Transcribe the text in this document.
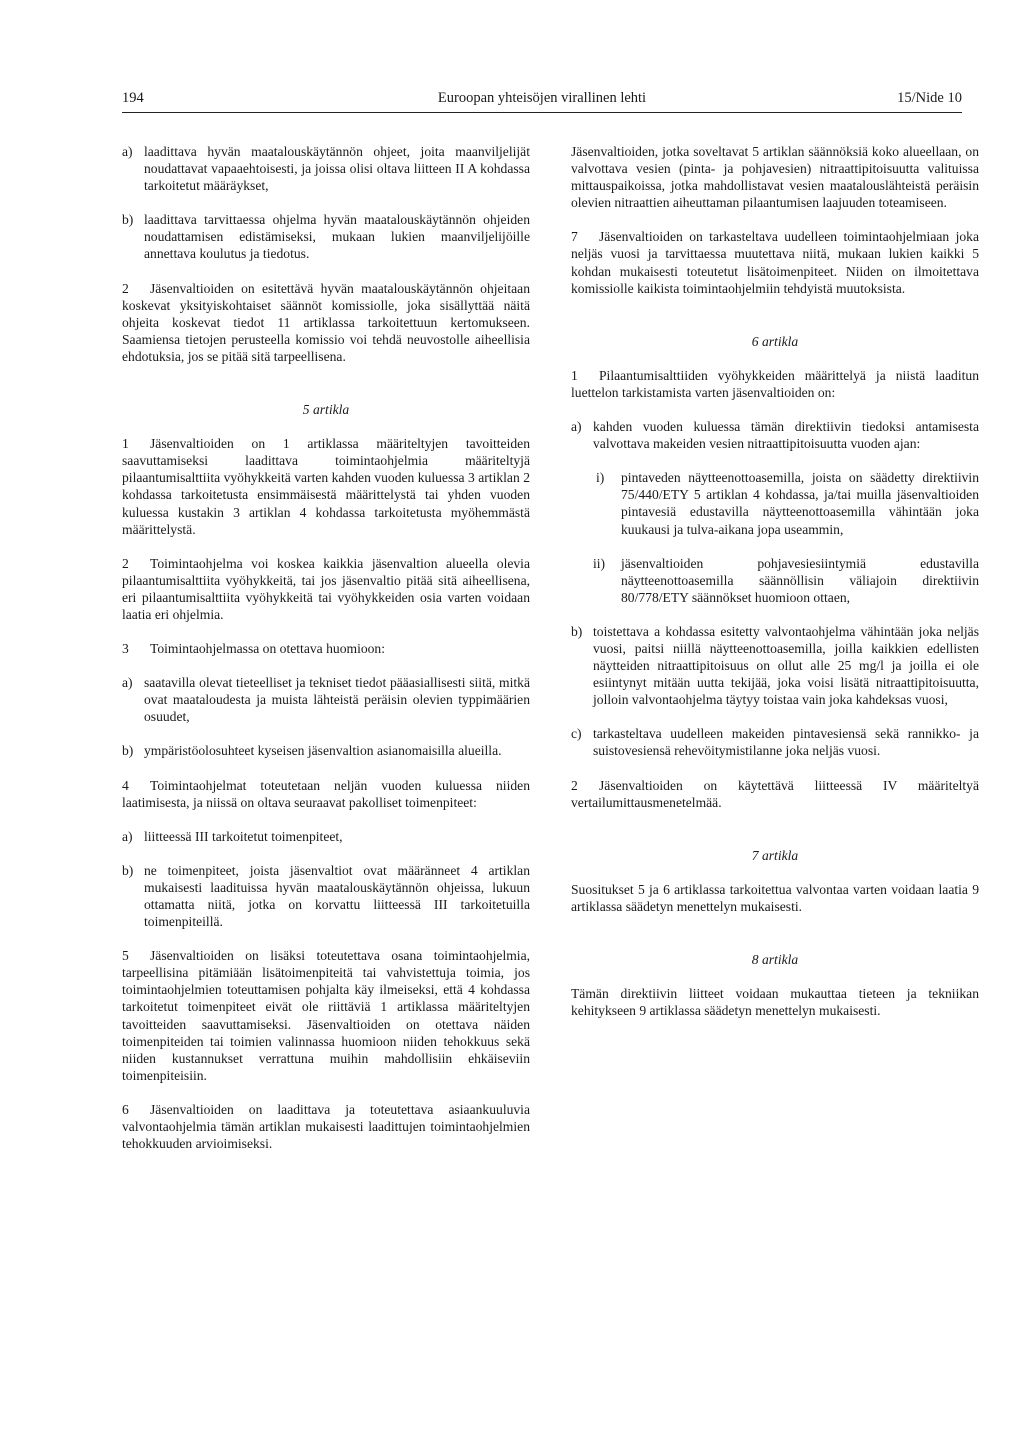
194	Euroopan yhteisöjen virallinen lehti	15/Nide 10
a) laadittava hyvän maatalouskäytännön ohjeet, joita maanviljelijät noudattavat vapaaehtoisesti, ja joissa olisi oltava liitteen II A kohdassa tarkoitetut määräykset,
b) laadittava tarvittaessa ohjelma hyvän maatalouskäytännön ohjeiden noudattamisen edistämiseksi, mukaan lukien maanviljelijöille annettava koulutus ja tiedotus.

2 Jäsenvaltioiden on esitettävä hyvän maatalouskäytännön ohjeitaan koskevat yksityiskohtaiset säännöt komissiolle, joka sisällyttää näitä ohjeita koskevat tiedot 11 artiklassa tarkoitettuun kertomukseen. Saamiensa tietojen perusteella komissio voi tehdä neuvostolle aiheellisia ehdotuksia, jos se pitää sitä tarpeellisena.

5 artikla

1 Jäsenvaltioiden on 1 artiklassa määriteltyjen tavoitteiden saavuttamiseksi laadittava toimintaohjelmia määriteltyjä pilaantumisalttiita vyöhykkeitä varten kahden vuoden kuluessa 3 artiklan 2 kohdassa tarkoitetusta ensimmäisestä määrittelystä tai yhden vuoden kuluessa kustakin 3 artiklan 4 kohdassa tarkoitetusta myöhemmästä määrittelystä.

2 Toimintaohjelma voi koskea kaikkia jäsenvaltion alueella olevia pilaantumisalttiita vyöhykkeitä, tai jos jäsenvaltio pitää sitä aiheellisena, eri pilaantumisalttiita vyöhykkeitä tai vyöhykkeiden osia varten voidaan laatia eri ohjelmia.

3 Toimintaohjelmassa on otettava huomioon:

a) saatavilla olevat tieteelliset ja tekniset tiedot pääasiallisesti siitä, mitkä ovat maataloudesta ja muista lähteistä peräisin olevien typpimäärien osuudet,
b) ympäristöolosuhteet kyseisen jäsenvaltion asianomaisilla alueilla.

4 Toimintaohjelmat toteutetaan neljän vuoden kuluessa niiden laatimisesta, ja niissä on oltava seuraavat pakolliset toimenpiteet:

a) liitteessä III tarkoitetut toimenpiteet,
b) ne toimenpiteet, joista jäsenvaltiot ovat määränneet 4 artiklan mukaisesti laadituissa hyvän maatalouskäytännön ohjeissa, lukuun ottamatta niitä, jotka on korvattu liitteessä III tarkoitetuilla toimenpiteillä.

5 Jäsenvaltioiden on lisäksi toteutettava osana toimintaohjelmia, tarpeellisina pitämiään lisätoimenpiteitä tai vahvistettuja toimia, jos toimintaohjelmien toteuttamisen pohjalta käy ilmeiseksi, että 4 kohdassa tarkoitetut toimenpiteet eivät ole riittäviä 1 artiklassa määriteltyjen tavoitteiden saavuttamiseksi. Jäsenvaltioiden on otettava näiden toimenpiteiden tai toimien valinnassa huomioon niiden tehokkuus sekä niiden kustannukset verrattuna muihin mahdollisiin ehkäiseviin toimenpiteisiin.

6 Jäsenvaltioiden on laadittava ja toteutettava asiaankuuluvia valvontaohjelmia tämän artiklan mukaisesti laadittujen toimintaohjelmien tehokkuuden arvioimiseksi.

Jäsenvaltioiden, jotka soveltavat 5 artiklan säännöksiä koko alueellaan, on valvottava vesien (pinta- ja pohjavesien) nitraattipitoisuutta valituissa mittauspaikoissa, jotka mahdollistavat vesien maatalouslähteistä peräisin olevien nitraattien aiheuttaman pilaantumisen laajuuden toteamiseen.

7 Jäsenvaltioiden on tarkasteltava uudelleen toimintaohjelmiaan joka neljäs vuosi ja tarvittaessa muutettava niitä, mukaan lukien kaikki 5 kohdan mukaisesti toteutetut lisätoimenpiteet. Niiden on ilmoitettava komissiolle kaikista toimintaohjelmiin tehdyistä muutoksista.

6 artikla

1 Pilaantumisalttiiden vyöhykkeiden määrittelyä ja niistä laaditun luettelon tarkistamista varten jäsenvaltioiden on:

a) kahden vuoden kuluessa tämän direktiivin tiedoksi antamisesta valvottava makeiden vesien nitraattipitoisuutta vuoden ajan:
i) pintaveden näytteenottoasemilla, joista on säädetty direktiivin 75/440/ETY 5 artiklan 4 kohdassa, ja/tai muilla jäsenvaltioiden pintavesiä edustavilla näytteenottoasemilla vähintään joka kuukausi ja tulva-aikana jopa useammin,
ii) jäsenvaltioiden pohjavesiesiintymiä edustavilla näytteenottoasemilla säännöllisin väliajoin direktiivin 80/778/ETY säännökset huomioon ottaen,
b) toistettava a kohdassa esitetty valvontaohjelma vähintään joka neljäs vuosi, paitsi niillä näytteenottoasemilla, joilla kaikkien edellisten näytteiden nitraattipitoisuus on ollut alle 25 mg/l ja joilla ei ole esiintynyt mitään uutta tekijää, joka voisi lisätä nitraattipitoisuutta, jolloin valvontaohjelma täytyy toistaa vain joka kahdeksas vuosi,
c) tarkasteltava uudelleen makeiden pintavesiensä sekä rannikko- ja suistovesiensä rehevöitymistilanne joka neljäs vuosi.

2 Jäsenvaltioiden on käytettävä liitteessä IV määriteltyä vertailumittausmenetelmää.

7 artikla

Suositukset 5 ja 6 artiklassa tarkoitettua valvontaa varten voidaan laatia 9 artiklassa säädetyn menettelyn mukaisesti.

8 artikla

Tämän direktiivin liitteet voidaan mukauttaa tieteen ja tekniikan kehitykseen 9 artiklassa säädetyn menettelyn mukaisesti.
